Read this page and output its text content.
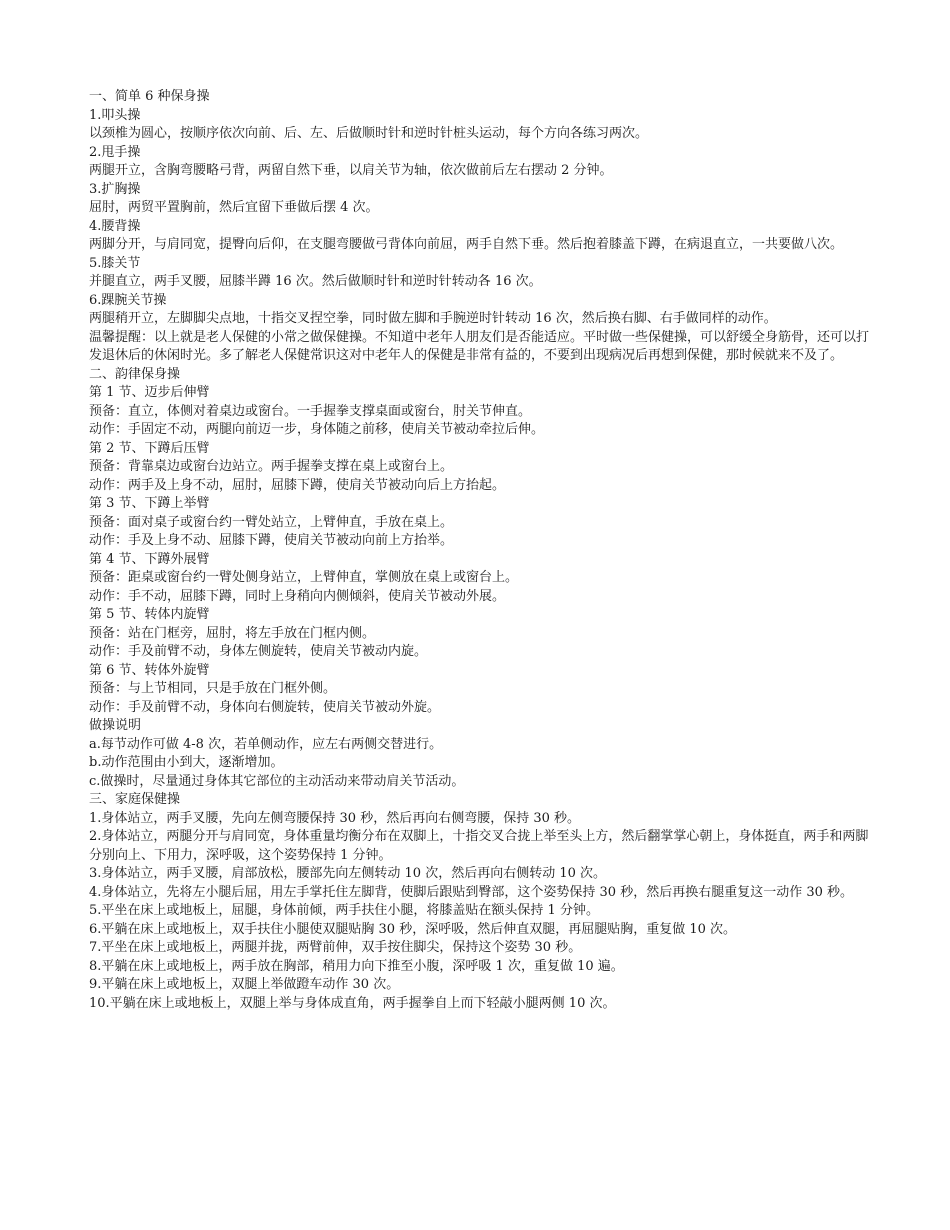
一、简单 6 种保身操
1.叩头操
以颈椎为圆心，按顺序依次向前、后、左、后做顺时针和逆时针桩头运动，每个方向各练习两次。
2.甩手操
两腿开立，含胸弯腰略弓背，两留自然下垂，以肩关节为轴，依次做前后左右摆动 2 分钟。
3.扩胸操
屈肘，两贸平置胸前，然后宜留下垂做后摆 4 次。
4.腰背操
两脚分开，与肩同宽，提臀向后仰，在支腿弯腰做弓背体向前屈，两手自然下垂。然后抱着膝盖下蹲，在病退直立，一共要做八次。
5.膝关节
并腿直立，两手叉腰，屈膝半蹲 16 次。然后做顺时针和逆时针转动各 16 次。
6.踝腕关节操
两腿稍开立，左脚脚尖点地，十指交叉捏空拳，同时做左脚和手腕逆时针转动 16 次，然后换右脚、右手做同样的动作。
温馨提醒：以上就是老人保健的小常之做保健操。不知道中老年人朋友们是否能适应。平时做一些保健操，可以舒缓全身筋骨，还可以打发退休后的休闲时光。多了解老人保健常识这对中老年人的保健是非常有益的，不要到出现病况后再想到保健，那时候就来不及了。
二、韵律保身操
第 1 节、迈步后伸臂
预备：直立，体侧对着桌边或窗台。一手握拳支撑桌面或窗台，肘关节伸直。
动作：手固定不动，两腿向前迈一步，身体随之前移，使肩关节被动牵拉后伸。
第 2 节、下蹲后压臂
预备：背靠桌边或窗台边站立。两手握拳支撑在桌上或窗台上。
动作：两手及上身不动，屈肘，屈膝下蹲，使肩关节被动向后上方抬起。
第 3 节、下蹲上举臂
预备：面对桌子或窗台约一臂处站立，上臂伸直，手放在桌上。
动作：手及上身不动、屈膝下蹲，使肩关节被动向前上方抬举。
第 4 节、下蹲外展臂
预备：距桌或窗台约一臂处侧身站立，上臂伸直，掌侧放在桌上或窗台上。
动作：手不动，屈膝下蹲，同时上身稍向内侧倾斜，使肩关节被动外展。
第 5 节、转体内旋臂
预备：站在门框旁，屈肘，将左手放在门框内侧。
动作：手及前臂不动，身体左侧旋转，使肩关节被动内旋。
第 6 节、转体外旋臂
预备：与上节相同，只是手放在门框外侧。
动作：手及前臂不动，身体向右侧旋转，使肩关节被动外旋。
做操说明
a.每节动作可做 4-8 次，若单侧动作，应左右两侧交替进行。
b.动作范围由小到大，逐渐增加。
c.做操时，尽量通过身体其它部位的主动活动来带动肩关节活动。
三、家庭保健操
1.身体站立，两手叉腰，先向左侧弯腰保持 30 秒，然后再向右侧弯腰，保持 30 秒。
2.身体站立，两腿分开与肩同宽，身体重量均衡分布在双脚上，十指交叉合拢上举至头上方，然后翻掌掌心朝上，身体挺直，两手和两脚分别向上、下用力，深呼吸，这个姿势保持 1 分钟。
3.身体站立，两手叉腰，肩部放松，腰部先向左侧转动 10 次，然后再向右侧转动 10 次。
4.身体站立，先将左小腿后屈，用左手掌托住左脚背，使脚后跟贴到臀部，这个姿势保持 30 秒，然后再换右腿重复这一动作 30 秒。
5.平坐在床上或地板上，屈腿，身体前倾，两手扶住小腿，将膝盖贴在额头保持 1 分钟。
6.平躺在床上或地板上，双手扶住小腿使双腿贴胸 30 秒，深呼吸，然后伸直双腿，再屈腿贴胸，重复做 10 次。
7.平坐在床上或地板上，两腿并拢，两臂前伸，双手按住脚尖，保持这个姿势 30 秒。
8.平躺在床上或地板上，两手放在胸部，稍用力向下推至小腹，深呼吸 1 次，重复做 10 遍。
9.平躺在床上或地板上，双腿上举做蹬车动作 30 次。
10.平躺在床上或地板上，双腿上举与身体成直角，两手握拳自上而下轻敲小腿两侧 10 次。
